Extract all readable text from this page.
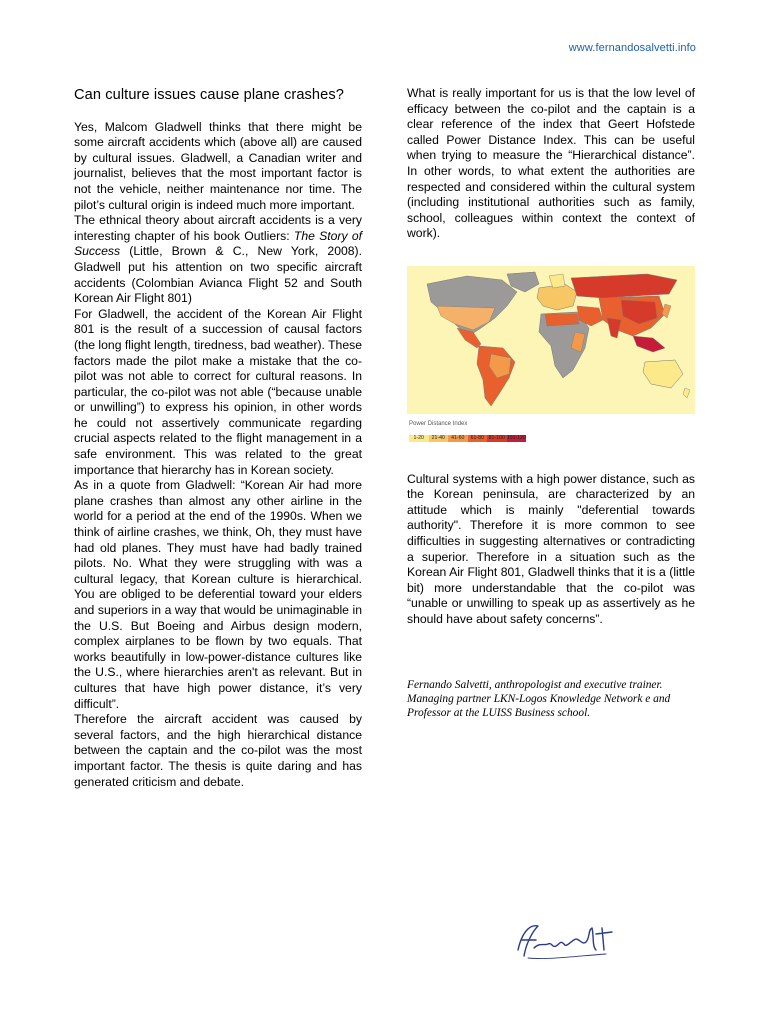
www.fernandosalvetti.info
Can culture issues cause plane crashes?

Yes, Malcom Gladwell thinks that there might be some aircraft accidents which (above all) are caused by cultural issues. Gladwell, a Canadian writer and journalist, believes that the most important factor is not the vehicle, neither maintenance nor time. The pilot’s cultural origin is indeed much more important.

The ethnical theory about aircraft accidents is a very interesting chapter of his book Outliers: The Story of Success (Little, Brown & C., New York, 2008). Gladwell put his attention on two specific aircraft accidents (Colombian Avianca Flight 52 and South Korean Air Flight 801)

For Gladwell, the accident of the Korean Air Flight 801 is the result of a succession of causal factors (the long flight length, tiredness, bad weather). These factors made the pilot make a mistake that the co-pilot was not able to correct for cultural reasons. In particular, the co-pilot was not able (“because unable or unwilling”) to express his opinion, in other words he could not assertively communicate regarding crucial aspects related to the flight management in a safe environment. This was related to the great importance that hierarchy has in Korean society.

As in a quote from Gladwell: “Korean Air had more plane crashes than almost any other airline in the world for a period at the end of the 1990s. When we think of airline crashes, we think, Oh, they must have had old planes. They must have had badly trained pilots. No. What they were struggling with was a cultural legacy, that Korean culture is hierarchical. You are obliged to be deferential toward your elders and superiors in a way that would be unimaginable in the U.S. But Boeing and Airbus design modern, complex airplanes to be flown by two equals. That works beautifully in low-power-distance cultures like the U.S., where hierarchies aren't as relevant. But in cultures that have high power distance, it’s very difficult”.

Therefore the aircraft accident was caused by several factors, and the high hierarchical distance between the captain and the co-pilot was the most important factor. The thesis is quite daring and has generated criticism and debate.

What is really important for us is that the low level of efficacy between the co-pilot and the captain is a clear reference of the index that Geert Hofstede called Power Distance Index. This can be useful when trying to measure the “Hierarchical distance”. In other words, to what extent the authorities are respected and considered within the cultural system (including institutional authorities such as family, school, colleagues within context the context of work).

Power Distance Index
1-20	21-40	41-60	61-80 81-100 101-120

Cultural systems with a high power distance, such as the Korean peninsula, are characterized by an attitude which is mainly "deferential towards authority". Therefore it is more common to see difficulties in suggesting alternatives or contradicting a superior. Therefore in a situation such as the Korean Air Flight 801, Gladwell thinks that it is a (little bit) more understandable that the co-pilot was “unable or unwilling to speak up as assertively as he should have about safety concerns”.

Fernando Salvetti, anthropologist and executive trainer. Managing partner LKN-Logos Knowledge Network e and Professor at the LUISS Business school.
